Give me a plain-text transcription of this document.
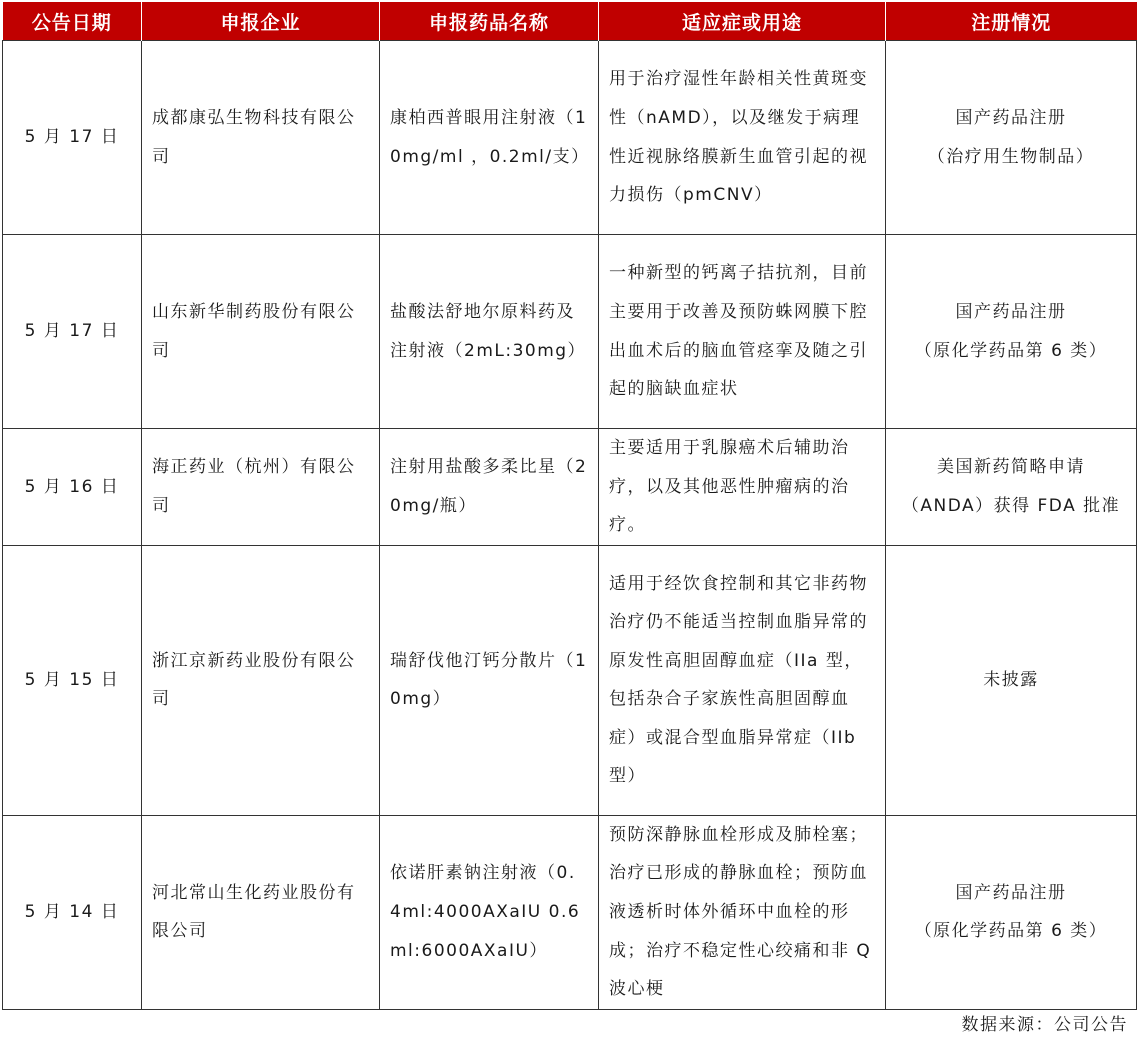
公告日期	申报企业	申报药品名称	适应症或用途	注册情况
5 月 17 日	成都康弘生物科技有限公司	康柏西普眼用注射液（10mg/ml ，0.2ml/支）	用于治疗湿性年龄相关性黄斑变性（nAMD），以及继发于病理性近视脉络膜新生血管引起的视力损伤（pmCNV）	国产药品注册
（治疗用生物制品）
5 月 17 日	山东新华制药股份有限公司	盐酸法舒地尔原料药及注射液（2mL:30mg）	一种新型的钙离子拮抗剂，目前主要用于改善及预防蛛网膜下腔出血术后的脑血管痉挛及随之引起的脑缺血症状	国产药品注册
（原化学药品第 6 类）
5 月 16 日	海正药业（杭州）有限公司	注射用盐酸多柔比星（20mg/瓶）	主要适用于乳腺癌术后辅助治疗，以及其他恶性肿瘤病的治疗。	美国新药简略申请
（ANDA）获得 FDA 批准
5 月 15 日	浙江京新药业股份有限公司	瑞舒伐他汀钙分散片（10mg）	适用于经饮食控制和其它非药物治疗仍不能适当控制血脂异常的原发性高胆固醇血症（IIa 型，包括杂合子家族性高胆固醇血症）或混合型血脂异常症（IIb型）	未披露
5 月 14 日	河北常山生化药业股份有限公司	依诺肝素钠注射液（0.4ml:4000AXaIU 0.6ml:6000AXaIU）	预防深静脉血栓形成及肺栓塞；治疗已形成的静脉血栓；预防血液透析时体外循环中血栓的形成；治疗不稳定性心绞痛和非 Q 波心梗	国产药品注册
（原化学药品第 6 类）
数据来源：公司公告
